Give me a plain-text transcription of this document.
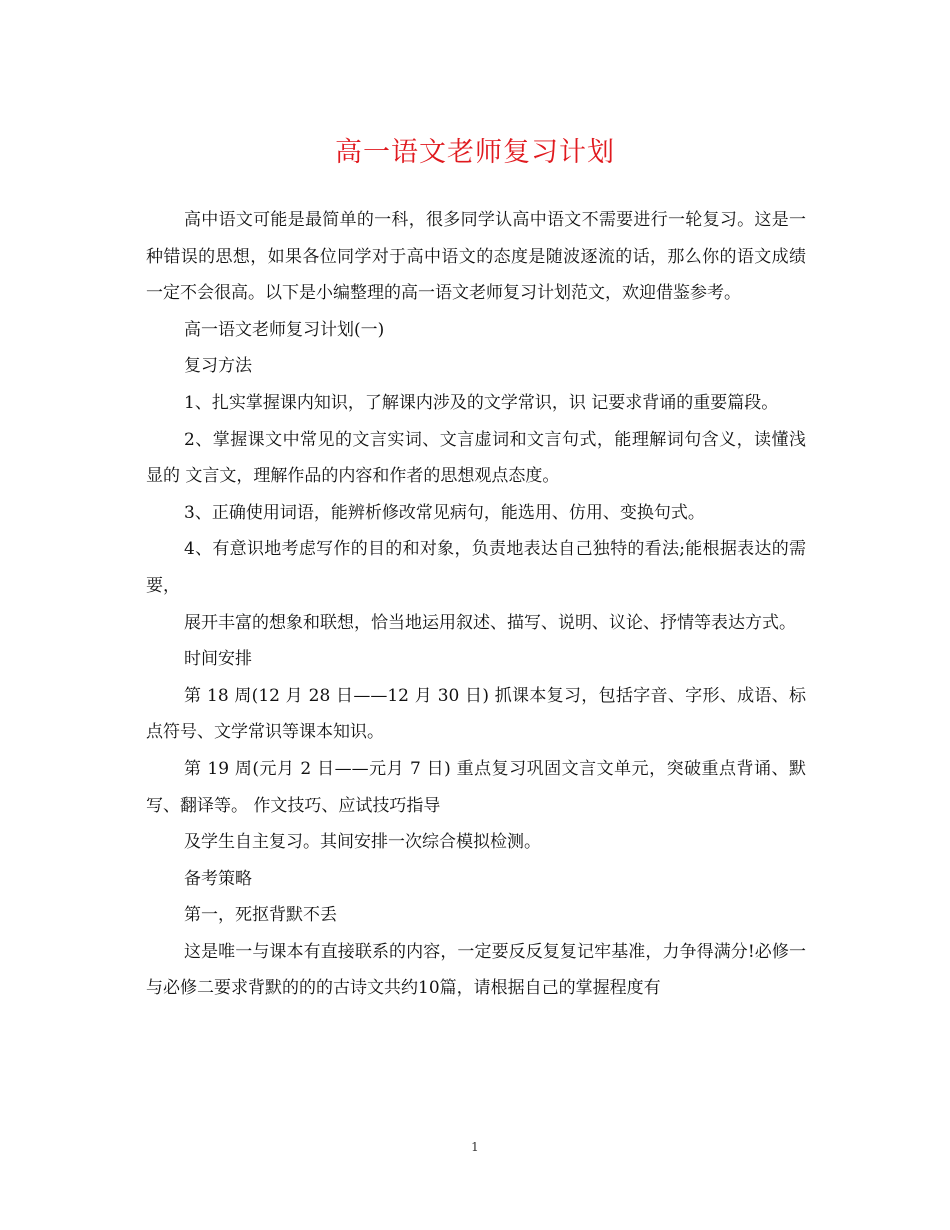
高一语文老师复习计划

高中语文可能是最简单的一科，很多同学认高中语文不需要进行一轮复习。这是一种错误的思想，如果各位同学对于高中语文的态度是随波逐流的话，那么你的语文成绩一定不会很高。以下是小编整理的高一语文老师复习计划范文，欢迎借鉴参考。

高一语文老师复习计划(一)

复习方法

1、扎实掌握课内知识，了解课内涉及的文学常识，识 记要求背诵的重要篇段。

2、掌握课文中常见的文言实词、文言虚词和文言句式，能理解词句含义，读懂浅显的 文言文，理解作品的内容和作者的思想观点态度。

3、正确使用词语，能辨析修改常见病句，能选用、仿用、变换句式。

4、有意识地考虑写作的目的和对象，负责地表达自己独特的看法;能根据表达的需要，

展开丰富的想象和联想，恰当地运用叙述、描写、说明、议论、抒情等表达方式。

时间安排

第 18 周(12 月 28 日——12 月 30 日) 抓课本复习，包括字音、字形、成语、标点符号、文学常识等课本知识。

第 19 周(元月 2 日——元月 7 日) 重点复习巩固文言文单元，突破重点背诵、默写、翻译等。 作文技巧、应试技巧指导

及学生自主复习。其间安排一次综合模拟检测。

备考策略

第一，死抠背默不丢

这是唯一与课本有直接联系的内容，一定要反反复复记牢基准，力争得满分!必修一与必修二要求背默的的的古诗文共约10篇，请根据自己的掌握程度有

1
